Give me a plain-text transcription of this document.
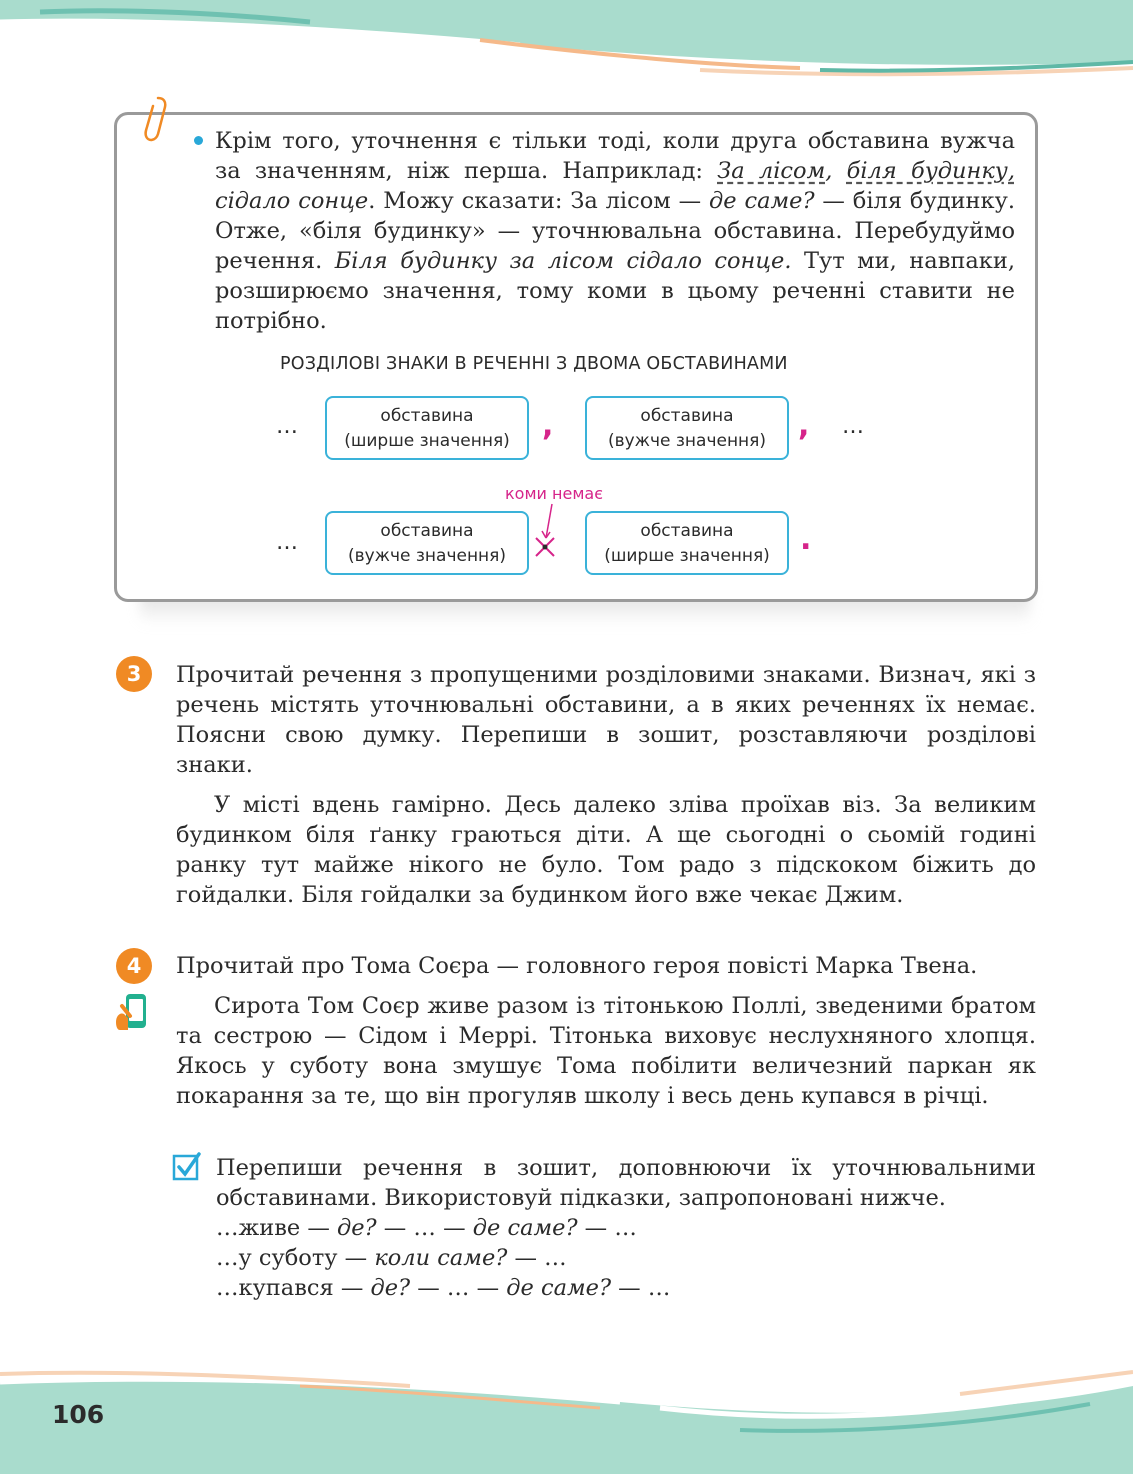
Крім того, уточнення є тільки тоді, коли друга обставина вужча за значенням, ніж перша. Наприклад: За лісом, біля будинку, сідало сонце. Можу сказати: За лісом — де саме? — біля будинку. Отже, «біля будинку» — уточнювальна обставина. Перебудуймо речення. Біля будинку за лісом сідало сонце. Тут ми, навпаки, розширюємо значення, тому коми в цьому реченні ставити не потрібно.
РОЗДІЛОВІ ЗНАКИ В РЕЧЕННІ З ДВОМА ОБСТАВИНАМИ
…	обставина
(ширше значення)	,	обставина
(вужче значення)	, …
коми немає
…	обставина
(вужче значення)
обставина
(ширше значення)	.
3	Прочитай речення з пропущеними розділовими знаками. Визнач, які з речень містять уточнювальні обставини, а в яких реченнях їх немає. Поясни свою думку. Перепиши в зошит, розставляючи розділові знаки.
У місті вдень гамірно. Десь далеко зліва проїхав віз. За великим будинком біля ґанку граються діти. А ще сьогодні о сьомій годині ранку тут майже нікого не було. Том радо з підскоком біжить до гойдалки. Біля гойдалки за будинком його вже чекає Джим.
4	Прочитай про Тома Соєра — головного героя повісті Марка Твена.
Сирота Том Соєр живе разом із тітонькою Поллі, зведеними братом та сестрою — Сідом і Меррі. Тітонька виховує неслухняного хлопця. Якось у суботу вона змушує Тома побілити величезний паркан як покарання за те, що він прогуляв школу і весь день купався в річці.
Перепиши речення в зошит, доповнюючи їх уточнювальними обставинами. Використовуй підказки, запропоновані нижче.
…живе — де? — … — де саме? — …
…у суботу — коли саме? — …
…купався — де? — … — де саме? — …
106
